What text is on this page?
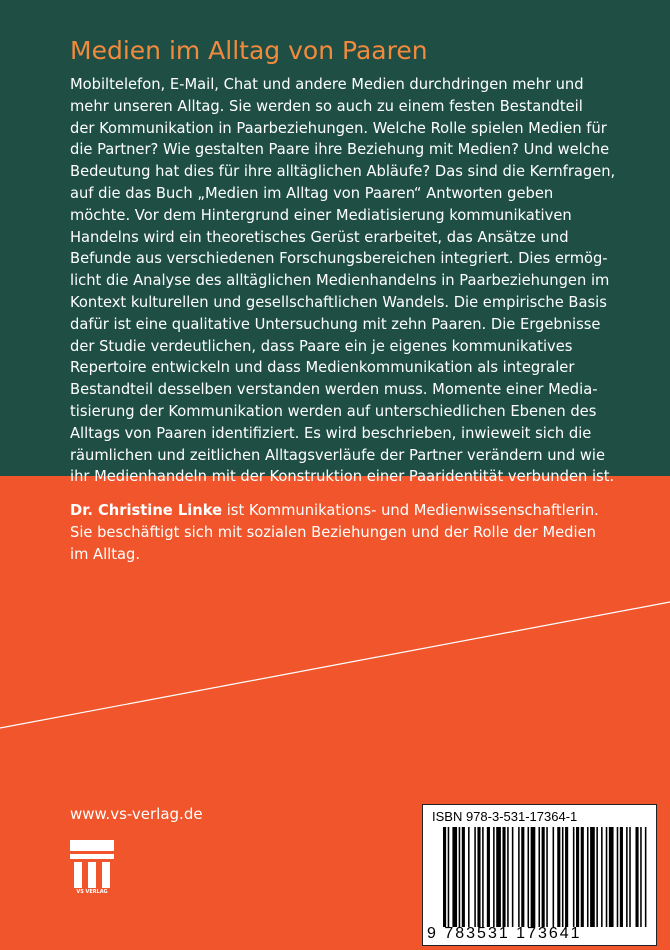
Medien im Alltag von Paaren

Mobiltelefon, E-Mail, Chat und andere Medien durchdringen mehr und

mehr unseren Alltag. Sie werden so auch zu einem festen Bestandteil

der Kommunikation in Paarbeziehungen. Welche Rolle spielen Medien für

die Partner? Wie gestalten Paare ihre Beziehung mit Medien? Und welche

Bedeutung hat dies für ihre alltäglichen Abläufe? Das sind die Kernfragen,

auf die das Buch „Medien im Alltag von Paaren“ Antworten geben

möchte. Vor dem Hintergrund einer Mediatisierung kommunikativen

Handelns wird ein theoretisches Gerüst erarbeitet, das Ansätze und

Befunde aus verschiedenen Forschungsbereichen integriert. Dies ermög-

licht die Analyse des alltäglichen Medienhandelns in Paarbeziehungen im

Kontext kulturellen und gesellschaftlichen Wandels. Die empirische Basis

dafür ist eine qualitative Untersuchung mit zehn Paaren. Die Ergebnisse

der Studie verdeutlichen, dass Paare ein je eigenes kommunikatives

Repertoire entwickeln und dass Medienkommunikation als integraler

Bestandteil desselben verstanden werden muss. Momente einer Media-

tisierung der Kommunikation werden auf unterschiedlichen Ebenen des

Alltags von Paaren identifiziert. Es wird beschrieben, inwieweit sich die

räumlichen und zeitlichen Alltagsverläufe der Partner verändern und wie

ihr Medienhandeln mit der Konstruktion einer Paaridentität verbunden ist.

Dr. Christine Linke ist Kommunikations- und Medienwissenschaftlerin.

Sie beschäftigt sich mit sozialen Beziehungen und der Rolle der Medien

im Alltag.

www.vs-verlag.de
VS VERLAG
ISBN 978-3-531-17364-1
9 783531 173641
